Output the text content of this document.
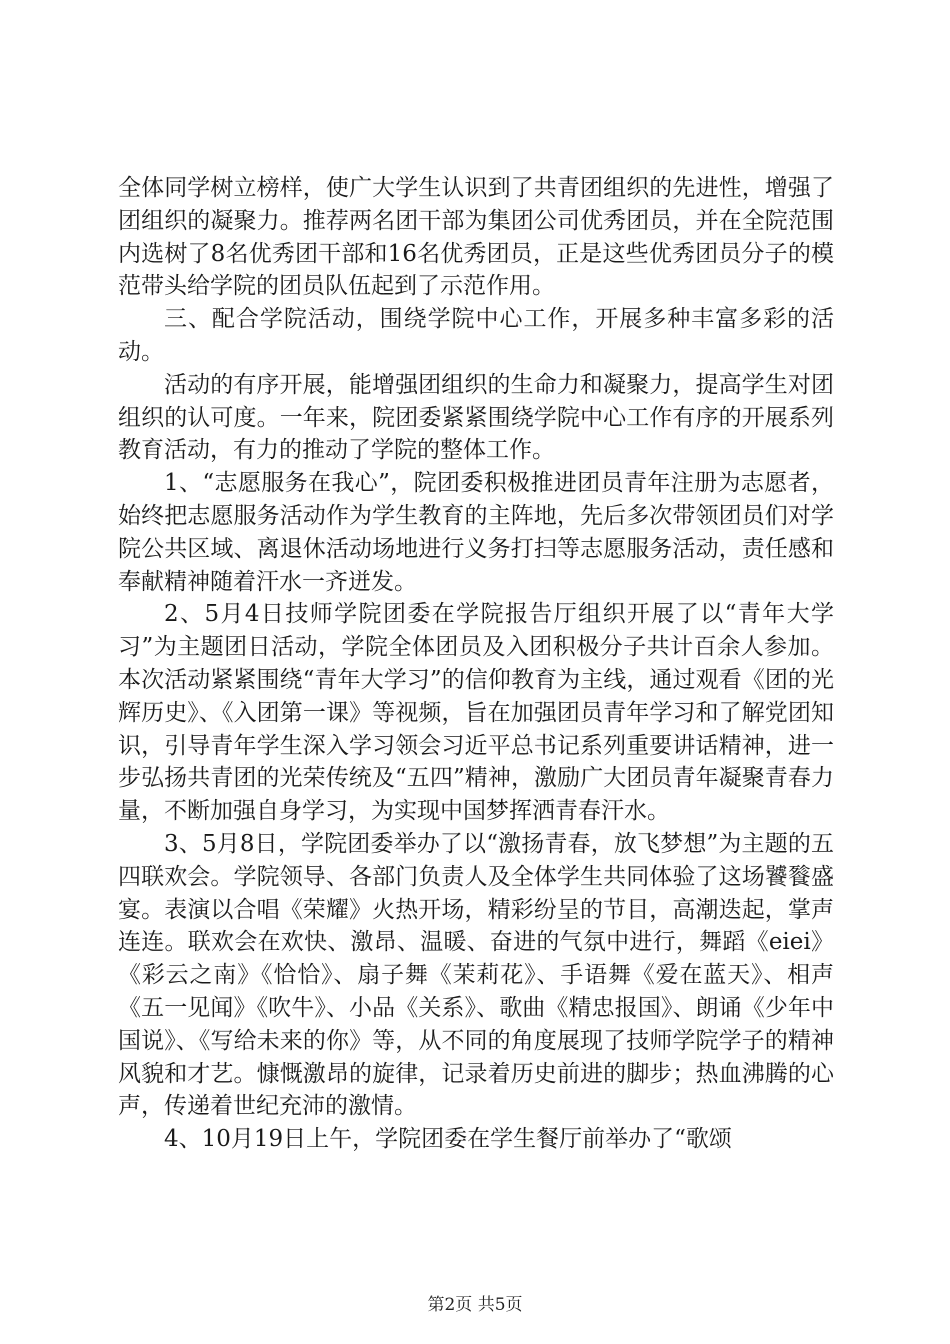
全体同学树立榜样，使广大学生认识到了共青团组织的先进性，增强了团组织的凝聚力。推荐两名团干部为集团公司优秀团员，并在全院范围内选树了8名优秀团干部和16名优秀团员，正是这些优秀团员分子的模范带头给学院的团员队伍起到了示范作用。

三、配合学院活动，围绕学院中心工作，开展多种丰富多彩的活动。

活动的有序开展，能增强团组织的生命力和凝聚力，提高学生对团组织的认可度。一年来，院团委紧紧围绕学院中心工作有序的开展系列教育活动，有力的推动了学院的整体工作。

1、“志愿服务在我心”，院团委积极推进团员青年注册为志愿者，始终把志愿服务活动作为学生教育的主阵地，先后多次带领团员们对学院公共区域、离退休活动场地进行义务打扫等志愿服务活动，责任感和奉献精神随着汗水一齐迸发。

2、5月4日技师学院团委在学院报告厅组织开展了以“青年大学习”为主题团日活动，学院全体团员及入团积极分子共计百余人参加。本次活动紧紧围绕“青年大学习”的信仰教育为主线，通过观看《团的光辉历史》、《入团第一课》等视频，旨在加强团员青年学习和了解党团知识，引导青年学生深入学习领会习近平总书记系列重要讲话精神，进一步弘扬共青团的光荣传统及“五四”精神，激励广大团员青年凝聚青春力量，不断加强自身学习，为实现中国梦挥洒青春汗水。

3、5月8日，学院团委举办了以“激扬青春，放飞梦想”为主题的五四联欢会。学院领导、各部门负责人及全体学生共同体验了这场饕餮盛宴。表演以合唱《荣耀》火热开场，精彩纷呈的节目，高潮迭起，掌声连连。联欢会在欢快、激昂、温暖、奋进的气氛中进行，舞蹈《eiei》《彩云之南》《恰恰》、扇子舞《茉莉花》、手语舞《爱在蓝天》、相声《五一见闻》《吹牛》、小品《关系》、歌曲《精忠报国》、朗诵《少年中国说》、《写给未来的你》等，从不同的角度展现了技师学院学子的精神风貌和才艺。慷慨激昂的旋律，记录着历史前进的脚步；热血沸腾的心声，传递着世纪充沛的激情。

4、10月19日上午，学院团委在学生餐厅前举办了“歌颂

第2页 共5页
